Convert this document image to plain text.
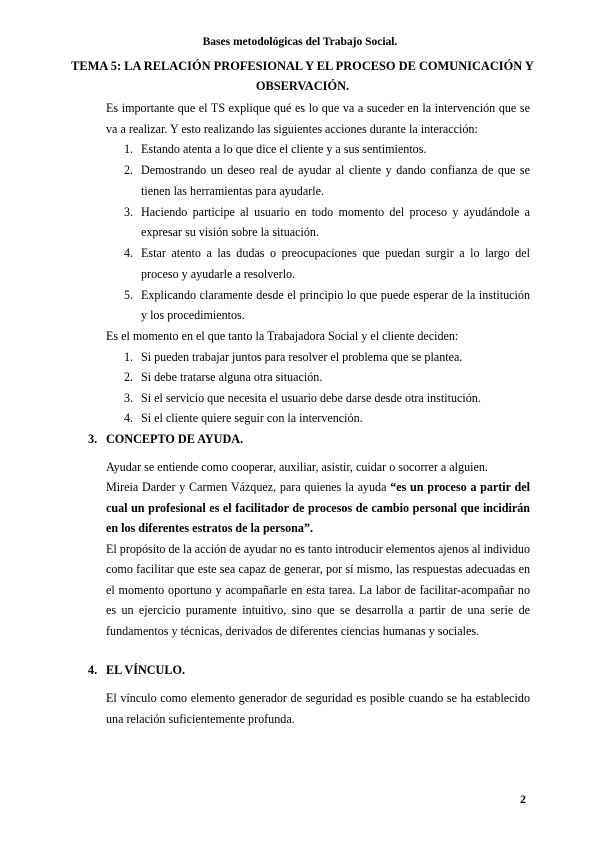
Bases metodológicas del Trabajo Social.
TEMA 5: LA RELACIÓN PROFESIONAL Y EL PROCESO DE COMUNICACIÓN Y OBSERVACIÓN.

Es importante que el TS explique qué es lo que va a suceder en la intervención que se va a realizar. Y esto realizando las siguientes acciones durante la interacción:

1. Estando atenta a lo que dice el cliente y a sus sentimientos.
2. Demostrando un deseo real de ayudar al cliente y dando confianza de que se tienen las herramientas para ayudarle.
3. Haciendo participe al usuario en todo momento del proceso y ayudándole a expresar su visión sobre la situación.
4. Estar atento a las dudas o preocupaciones que puedan surgir a lo largo del proceso y ayudarle a resolverlo.
5. Explicando claramente desde el principio lo que puede esperar de la institución y los procedimientos.

Es el momento en el que tanto la Trabajadora Social y el cliente deciden:

1. Si pueden trabajar juntos para resolver el problema que se plantea.
2. Si debe tratarse alguna otra situación.
3. Si el servicio que necesita el usuario debe darse desde otra institución.
4. Si el cliente quiere seguir con la intervención.
3. CONCEPTO DE AYUDA.

Ayudar se entiende como cooperar, auxiliar, asistir, cuidar o socorrer a alguien.

Mireia Darder y Carmen Vázquez, para quienes la ayuda “es un proceso a partir del cual un profesional es el facilitador de procesos de cambio personal que incidirán en los diferentes estratos de la persona”.

El propósito de la acción de ayudar no es tanto introducir elementos ajenos al individuo como facilitar que este sea capaz de generar, por sí mismo, las respuestas adecuadas en el momento oportuno y acompañarle en esta tarea. La labor de facilitar-acompañar no es un ejercicio puramente intuitivo, sino que se desarrolla a partir de una serie de fundamentos y técnicas, derivados de diferentes ciencias humanas y sociales.

4. EL VÍNCULO.

El vínculo como elemento generador de seguridad es posible cuando se ha establecido una relación suficientemente profunda.

2
